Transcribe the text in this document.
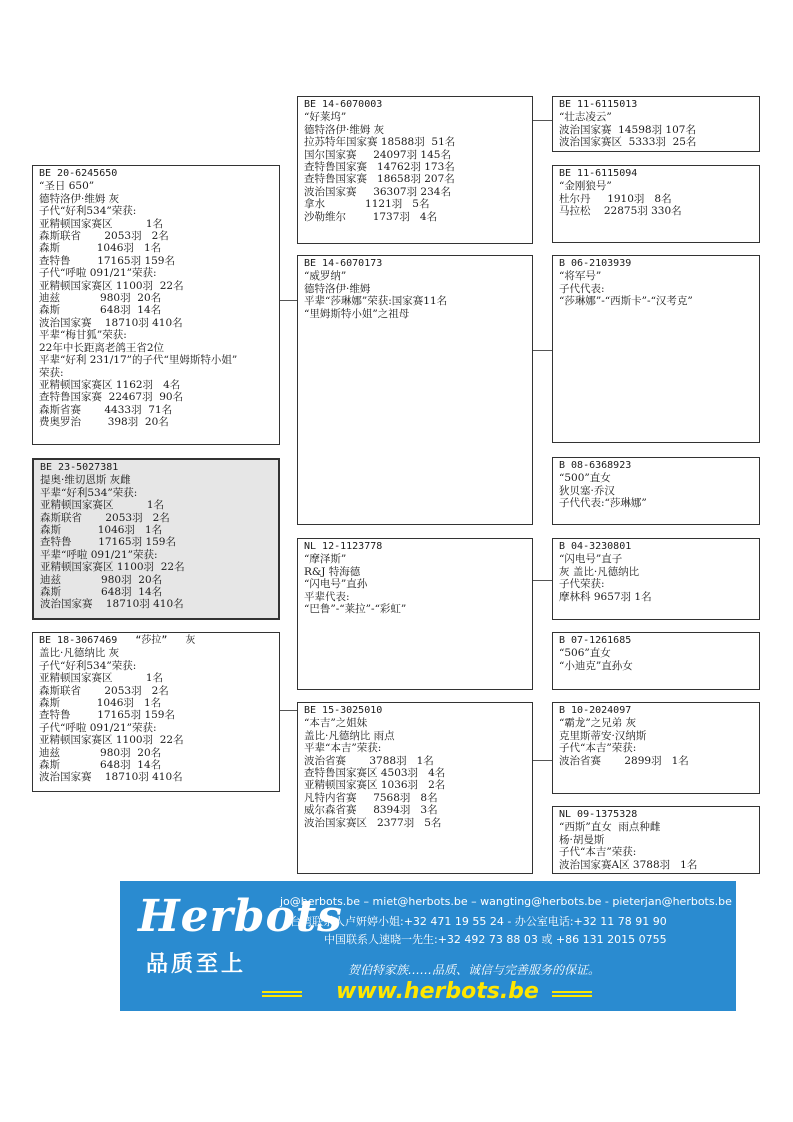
BE 23-5027381
提奥·维切恩斯 灰雌
平辈“好利534”荣获:
亚精顿国家赛区          1名
森斯联省       2053羽   2名
森斯           1046羽   1名
查特鲁        17165羽 159名
平辈“呼啦 091/21”荣获:
亚精顿国家赛区 1100羽  22名
迪兹            980羽  20名
森斯            648羽  14名
波治国家赛    18710羽 410名
BE 20-6245650
“圣日 650”
德特洛伊·维姆 灰
子代“好利534”荣获:
亚精顿国家赛区          1名
森斯联省       2053羽   2名
森斯           1046羽   1名
查特鲁        17165羽 159名
子代“呼啦 091/21”荣获:
亚精顿国家赛区 1100羽  22名
迪兹            980羽  20名
森斯            648羽  14名
波治国家赛    18710羽 410名
平辈“梅甘狐”荣获:
22年中长距离老鸽王省2位
平辈“好利 231/17”的子代“里姆斯特小姐”
荣获:
亚精顿国家赛区 1162羽   4名
查特鲁国家赛  22467羽  90名
森斯省赛       4433羽  71名
费奥罗治        398羽  20名
BE 18-3067469   “莎拉”   灰
盖比·凡德纳比 灰
子代“好利534”荣获:
亚精顿国家赛区          1名
森斯联省       2053羽   2名
森斯           1046羽   1名
查特鲁        17165羽 159名
子代“呼啦 091/21”荣获:
亚精顿国家赛区 1100羽  22名
迪兹            980羽  20名
森斯            648羽  14名
波治国家赛    18710羽 410名
BE 14-6070003
“好莱坞”
德特洛伊·维姆 灰
拉苏特年国家赛 18588羽  51名
国尔国家赛     24097羽 145名
查特鲁国家赛   14762羽 173名
查特鲁国家赛   18658羽 207名
波治国家赛     36307羽 234名
拿水            1121羽   5名
沙勒维尔        1737羽   4名
BE 14-6070173
“威罗纳”
德特洛伊·维姆
平辈“莎琳娜”荣获:国家赛11名
“里姆斯特小姐”之祖母
NL 12-1123778
“摩泽斯”
R&J 特海德
“闪电号”直孙
平辈代表:
“巴鲁”-“莱拉”-“彩虹”
BE 15-3025010
“本吉”之姐妹
盖比·凡德纳比 雨点
平辈“本吉”荣获:
波治省赛       3788羽   1名
查特鲁国家赛区 4503羽   4名
亚精顿国家赛区 1036羽   2名
凡特内省赛     7568羽   8名
威尔森省赛     8394羽   3名
波治国家赛区   2377羽   5名
BE 11-6115013
“壮志凌云”
波治国家赛  14598羽 107名
波治国家赛区  5333羽  25名
BE 11-6115094
“金刚狼号”
杜尔丹     1910羽   8名
马拉松    22875羽 330名
B 06-2103939
“将军号”
子代代表:
“莎琳娜”-“西斯卡”-“汉考克”
B 08-6368923
“500”直女
狄贝塞·乔汉
子代代表:“莎琳娜”
B 04-3230801
“闪电号”直子
灰 盖比·凡德纳比
子代荣获:
摩林科 9657羽 1名
B 07-1261685
“506”直女
“小迪克”直孙女
B 10-2024097
“霸龙”之兄弟 灰
克里斯蒂安·汉纳斯
子代“本吉”荣获:
波治省赛       2899羽   1名
NL 09-1375328
“西斯”直女  雨点种雌
杨·胡曼斯
子代“本吉”荣获:
波治国家赛A区 3788羽   1名
Herbots
品质至上
jo@herbots.be – miet@herbots.be – wangting@herbots.be - pieterjan@herbots.be
台湾联系人卢姸婷小姐:+32 471 19 55 24 - 办公室电话:+32 11 78 91 90
中国联系人速晓一先生:+32 492 73 88 03 或 +86 131 2015 0755
贺伯特家族……品质、诚信与完善服务的保证。
www.herbots.be
